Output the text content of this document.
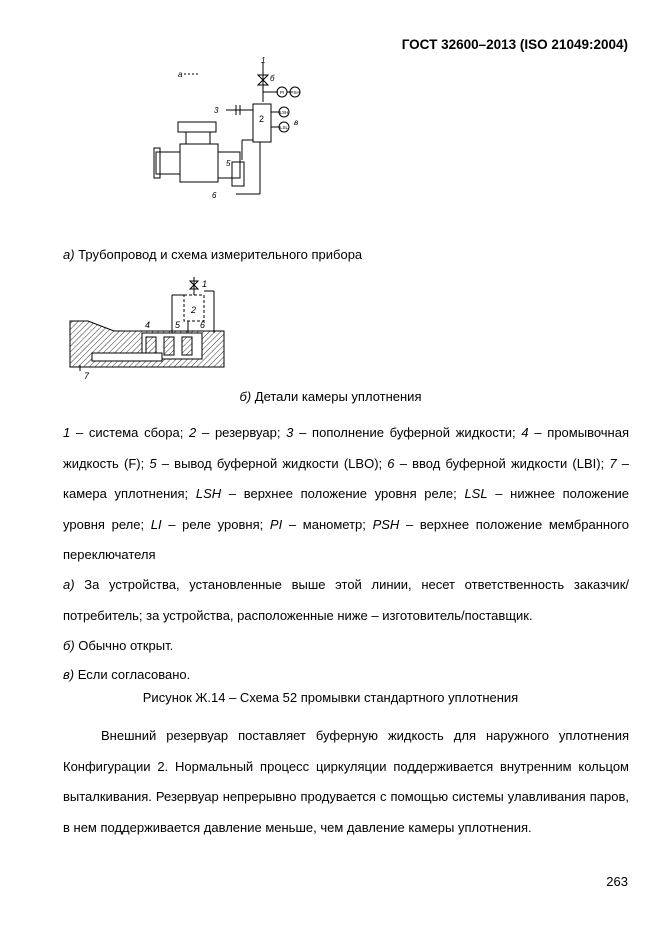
ГОСТ 32600–2013 (ISO 21049:2004)
1
б
a
3
2	в
5
6
PI PSH
LSH
LSL
а) Трубопровод и схема измерительного прибора
1
2
4	5 6
7
б) Детали камеры уплотнения
1 – система сбора; 2 – резервуар; 3 – пополнение буферной жидкости; 4 – промывочная жидкость (F); 5 – вывод буферной жидкости (LBO); 6 – ввод буферной жидкости (LBI); 7 – камера уплотнения; LSH – верхнее положение уровня реле; LSL – нижнее положение уровня реле; LI – реле уровня; PI – манометр; PSH – верхнее положение мембранного переключателя
а) За устройства, установленные выше этой линии, несет ответственность заказчик/потребитель; за устройства, расположенные ниже – изготовитель/поставщик.
б) Обычно открыт.
в) Если согласовано.
Рисунок Ж.14 – Схема 52 промывки стандартного уплотнения
Внешний резервуар поставляет буферную жидкость для наружного уплотнения Конфигурации 2. Нормальный процесс циркуляции поддерживается внутренним кольцом выталкивания. Резервуар непрерывно продувается с помощью системы улавливания паров, в нем поддерживается давление меньше, чем давление камеры уплотнения.
263
